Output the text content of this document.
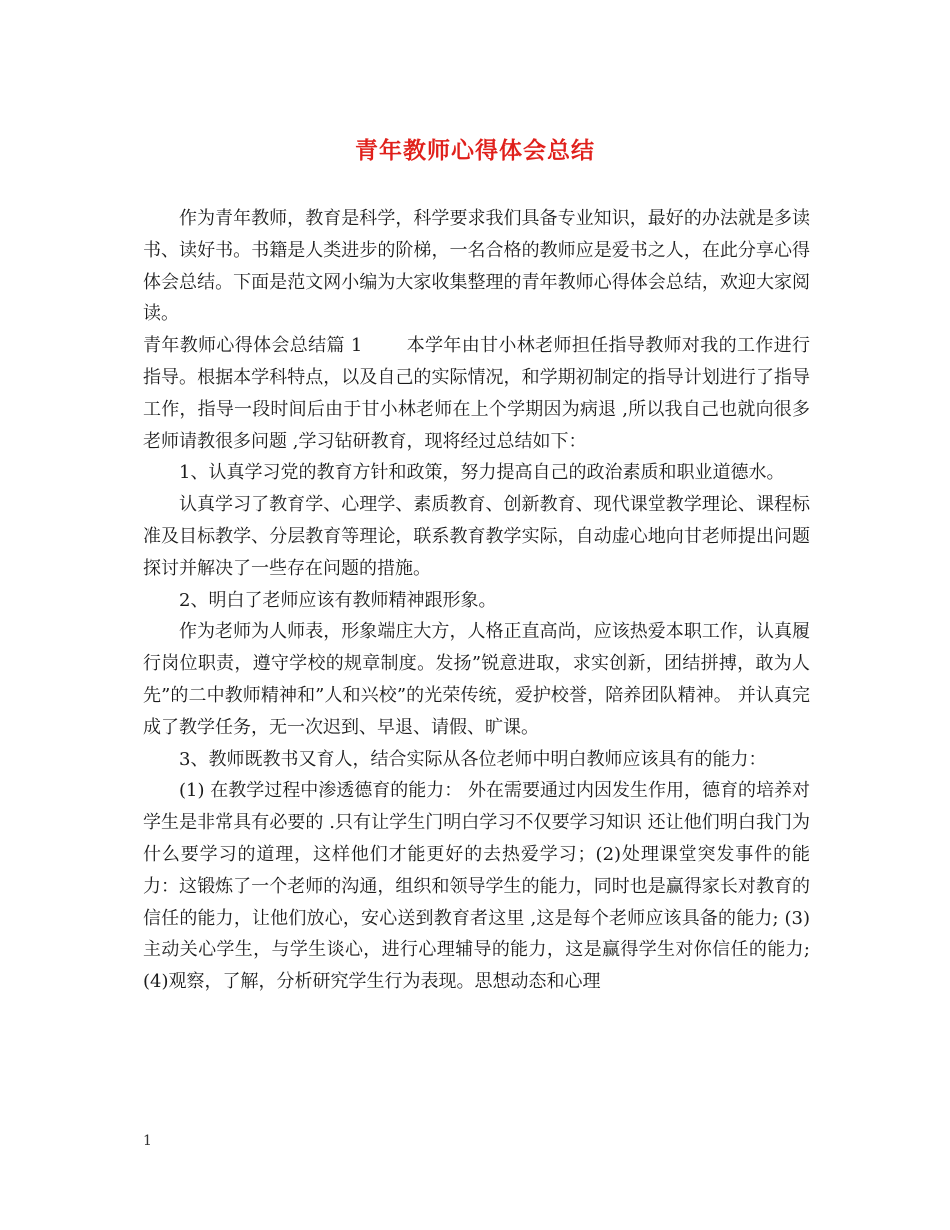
青年教师心得体会总结

作为青年教师，教育是科学，科学要求我们具备专业知识，最好的办法就是多读书、读好书。书籍是人类进步的阶梯，一名合格的教师应是爱书之人，在此分享心得体会总结。下面是范文网小编为大家收集整理的青年教师心得体会总结，欢迎大家阅读。

青年教师心得体会总结篇 1 本学年由甘小林老师担任指导教师对我的工作进行指导。根据本学科特点，以及自己的实际情况，和学期初制定的指导计划进行了指导工作，指导一段时间后由于甘小林老师在上个学期因为病退 ,所以我自己也就向很多老师请教很多问题 ,学习钻研教育，现将经过总结如下：

1、认真学习党的教育方针和政策，努力提高自己的政治素质和职业道德水。

认真学习了教育学、心理学、素质教育、创新教育、现代课堂教学理论、课程标准及目标教学、分层教育等理论，联系教育教学实际，自动虚心地向甘老师提出问题探讨并解决了一些存在问题的措施。

2、明白了老师应该有教师精神跟形象。

作为老师为人师表，形象端庄大方，人格正直高尚，应该热爱本职工作，认真履行岗位职责，遵守学校的规章制度。发扬”锐意进取，求实创新，团结拼搏，敢为人先”的二中教师精神和”人和兴校”的光荣传统，爱护校誉，陪养团队精神。 并认真完成了教学任务，无一次迟到、早退、请假、旷课。

3、教师既教书又育人，结合实际从各位老师中明白教师应该具有的能力：

(1) 在教学过程中渗透德育的能力： 外在需要通过内因发生作用，德育的培养对学生是非常具有必要的 .只有让学生门明白学习不仅要学习知识 还让他们明白我门为什么要学习的道理，这样他们才能更好的去热爱学习；(2)处理课堂突发事件的能力：这锻炼了一个老师的沟通，组织和领导学生的能力，同时也是赢得家长对教育的信任的能力，让他们放心，安心送到教育者这里 ,这是每个老师应该具备的能力; (3)主动关心学生，与学生谈心，进行心理辅导的能力，这是赢得学生对你信任的能力; (4)观察，了解，分析研究学生行为表现。思想动态和心理

1
